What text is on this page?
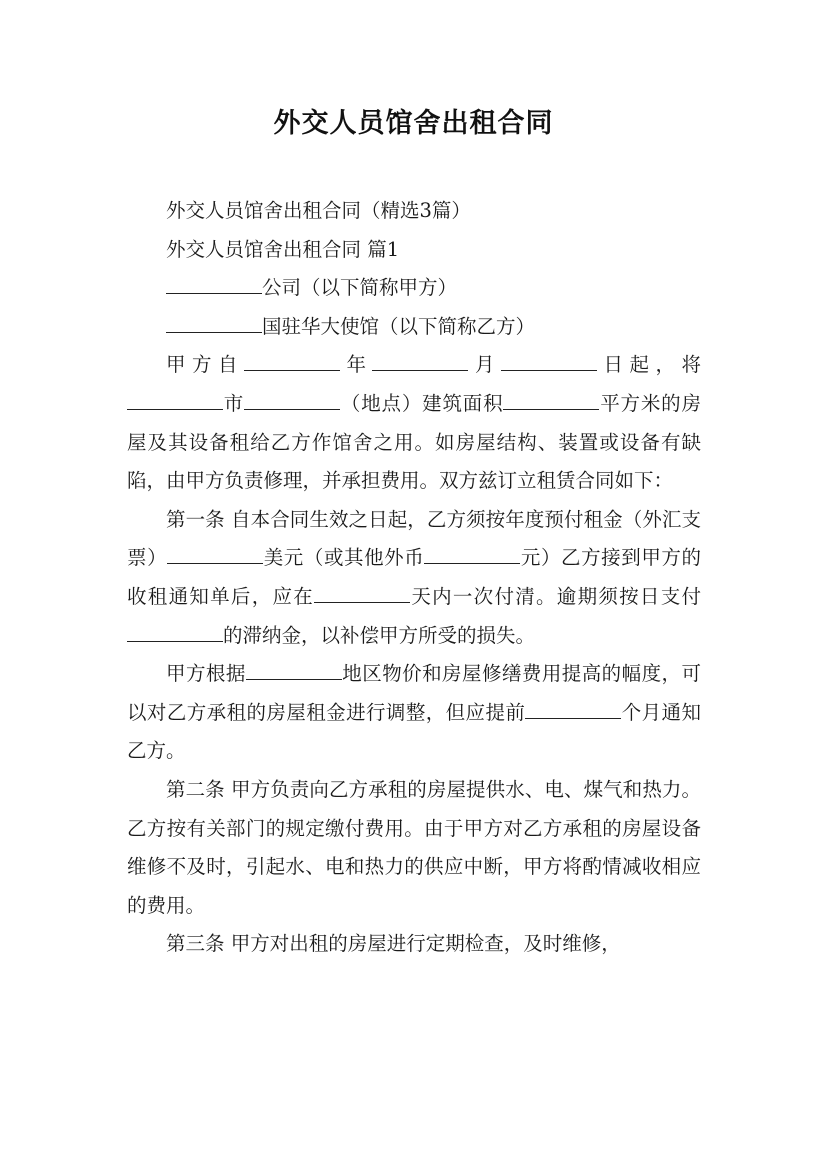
外交人员馆舍出租合同

外交人员馆舍出租合同（精选3篇）

外交人员馆舍出租合同 篇1

公司（以下简称甲方）

国驻华大使馆（以下简称乙方）

甲方自	年	月	日起，将市	（地点）建筑面积	平方米的房屋及其设备租给乙方作馆舍之用。如房屋结构、装置或设备有缺陷，由甲方负责修理，并承担费用。双方兹订立租赁合同如下：

第一条 自本合同生效之日起，乙方须按年度预付租金（外汇支票）	美元（或其他外币	元）乙方接到甲方的收租通知单后，应在	天内一次付清。逾期须按日支付的滞纳金，以补偿甲方所受的损失。

甲方根据	地区物价和房屋修缮费用提高的幅度，可以对乙方承租的房屋租金进行调整，但应提前	个月通知乙方。

第二条 甲方负责向乙方承租的房屋提供水、电、煤气和热力。乙方按有关部门的规定缴付费用。由于甲方对乙方承租的房屋设备维修不及时，引起水、电和热力的供应中断，甲方将酌情减收相应的费用。

第三条 甲方对出租的房屋进行定期检查，及时维修，
